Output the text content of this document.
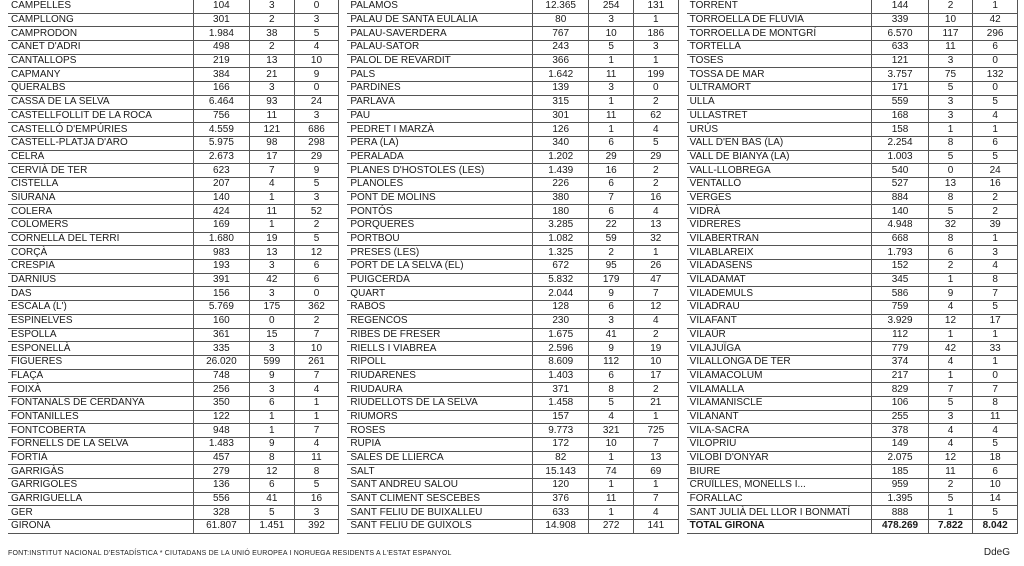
CAMPELLES	104	3	0
CAMPLLONG	301	2	3
CAMPRODON	1.984	38	5
CANET D'ADRI	498	2	4
CANTALLOPS	219	13	10
CAPMANY	384	21	9
QUERALBS	166	3	0
CASSÀ DE LA SELVA	6.464	93	24
CASTELLFOLLIT DE LA ROCA	756	11	3
CASTELLÓ D'EMPÚRIES	4.559	121	686
CASTELL-PLATJA D'ARO	5.975	98	298
CELRÀ	2.673	17	29
CERVIÀ DE TER	623	7	9
CISTELLA	207	4	5
SIURANA	140	1	3
COLERA	424	11	52
COLOMERS	169	1	2
CORNELLÀ DEL TERRI	1.680	19	5
CORÇÀ	983	13	12
CRESPIÀ	193	3	6
DARNIUS	391	42	6
DAS	156	3	0
ESCALA (L')	5.769	175	362
ESPINELVES	160	0	2
ESPOLLA	361	15	7
ESPONELLÀ	335	3	10
FIGUERES	26.020	599	261
FLAÇÀ	748	9	7
FOIXÀ	256	3	4
FONTANALS DE CERDANYA	350	6	1
FONTANILLES	122	1	1
FONTCOBERTA	948	1	7
FORNELLS DE LA SELVA	1.483	9	4
FORTIÀ	457	8	11
GARRIGÀS	279	12	8
GARRIGOLES	136	6	5
GARRIGUELLA	556	41	16
GER	328	5	3
GIRONA	61.807	1.451	392
PALAMÓS	12.365	254	131
PALAU DE SANTA EULÀLIA	80	3	1
PALAU-SAVERDERA	767	10	186
PALAU-SATOR	243	5	3
PALOL DE REVARDIT	366	1	1
PALS	1.642	11	199
PARDINES	139	3	0
PARLAVÀ	315	1	2
PAU	301	11	62
PEDRET I MARZÀ	126	1	4
PERA (LA)	340	6	5
PERALADA	1.202	29	29
PLANES D'HOSTOLES (LES)	1.439	16	2
PLANOLES	226	6	2
PONT DE MOLINS	380	7	16
PONTÓS	180	6	4
PORQUERES	3.285	22	13
PORTBOU	1.082	59	32
PRESES (LES)	1.325	2	1
PORT DE LA SELVA (EL)	672	95	26
PUIGCERDÀ	5.832	179	47
QUART	2.044	9	7
RABÓS	128	6	12
REGENCÓS	230	3	4
RIBES DE FRESER	1.675	41	2
RIELLS I VIABREA	2.596	9	19
RIPOLL	8.609	112	10
RIUDARENES	1.403	6	17
RIUDAURA	371	8	2
RIUDELLOTS DE LA SELVA	1.458	5	21
RIUMORS	157	4	1
ROSES	9.773	321	725
RUPIÀ	172	10	7
SALES DE LLIERCA	82	1	13
SALT	15.143	74	69
SANT ANDREU SALOU	120	1	1
SANT CLIMENT SESCEBES	376	11	7
SANT FELIU DE BUIXALLEU	633	1	4
SANT FELIU DE GUÍXOLS	14.908	272	141
TORRENT	144	2	1
TORROELLA DE FLUVIÀ	339	10	42
TORROELLA DE MONTGRÍ	6.570	117	296
TORTELLÀ	633	11	6
TOSES	121	3	0
TOSSA DE MAR	3.757	75	132
ULTRAMORT	171	5	0
ULLÀ	559	3	5
ULLASTRET	168	3	4
URÚS	158	1	1
VALL D'EN BAS (LA)	2.254	8	6
VALL DE BIANYA (LA)	1.003	5	5
VALL-LLOBREGA	540	0	24
VENTALLÓ	527	13	16
VERGES	884	8	2
VIDRÀ	140	5	2
VIDRERES	4.948	32	39
VILABERTRAN	668	8	1
VILABLAREIX	1.793	6	3
VILADASENS	152	2	4
VILADAMAT	345	1	8
VILADEMULS	586	9	7
VILADRAU	759	4	5
VILAFANT	3.929	12	17
VILAÜR	112	1	1
VILAJUÏGA	779	42	33
VILALLONGA DE TER	374	4	1
VILAMACOLUM	217	1	0
VILAMALLA	829	7	7
VILAMANISCLE	106	5	8
VILANANT	255	3	11
VILA-SACRA	378	4	4
VILOPRIU	149	4	5
VILOBÍ D'ONYAR	2.075	12	18
BIURE	185	11	6
CRUÏLLES, MONELLS I...	959	2	10
FORALLAC	1.395	5	14
SANT JULIÀ DEL LLOR I BONMATÍ	888	1	5
TOTAL GIRONA	478.269	7.822	8.042
FONT:INSTITUT NACIONAL D'ESTADÍSTICA * CIUTADANS DE LA UNIÓ EUROPEA I NORUEGA RESIDENTS A L'ESTAT ESPANYOL	DdeG
